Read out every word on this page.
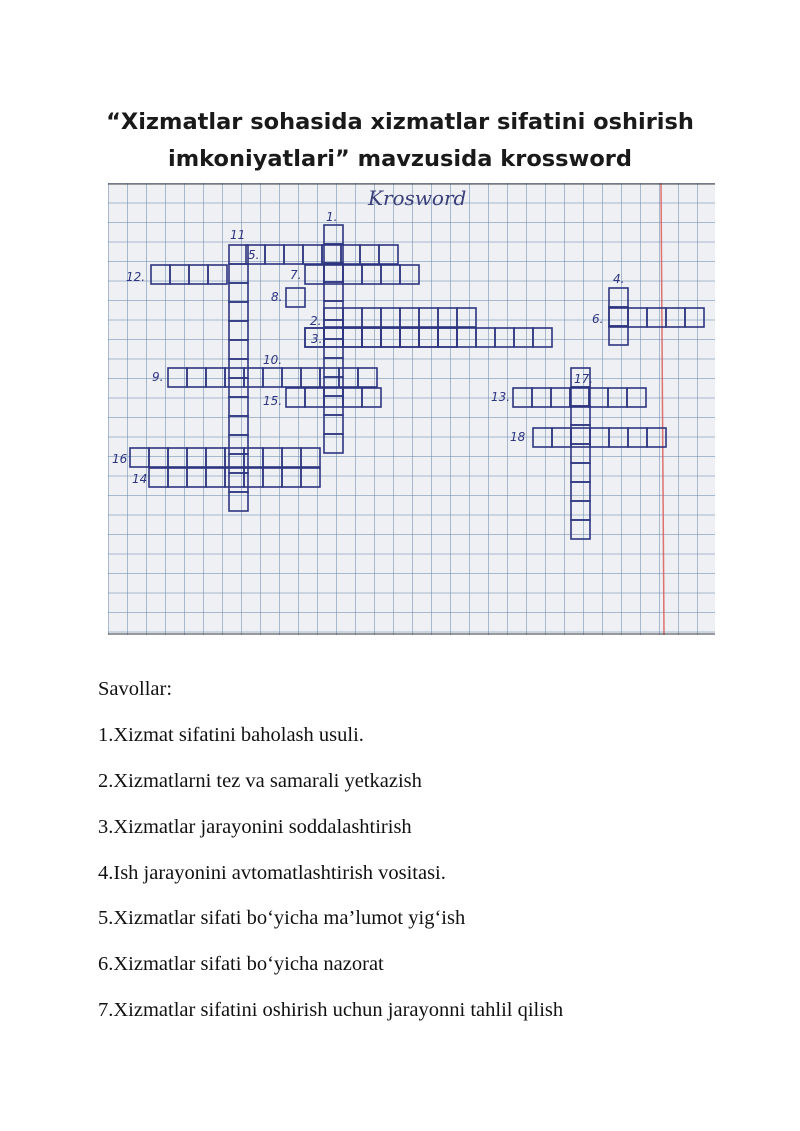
“Xizmatlar sohasida xizmatlar sifatini oshirish
imkoniyatlari” mavzusida krossword
Krosword
1.
2.
3.
4.
5.
6.
7.
8.
9.
10.
11
12.
13.
14
15.
16
17.
18
Savollar:
1.Xizmat sifatini baholash usuli.
2.Xizmatlarni tez va samarali yetkazish
3.Xizmatlar jarayonini soddalashtirish
4.Ish jarayonini avtomatlashtirish vositasi.
5.Xizmatlar sifati bo‘yicha ma’lumot yig‘ish
6.Xizmatlar sifati bo‘yicha nazorat
7.Xizmatlar sifatini oshirish uchun jarayonni tahlil qilish
